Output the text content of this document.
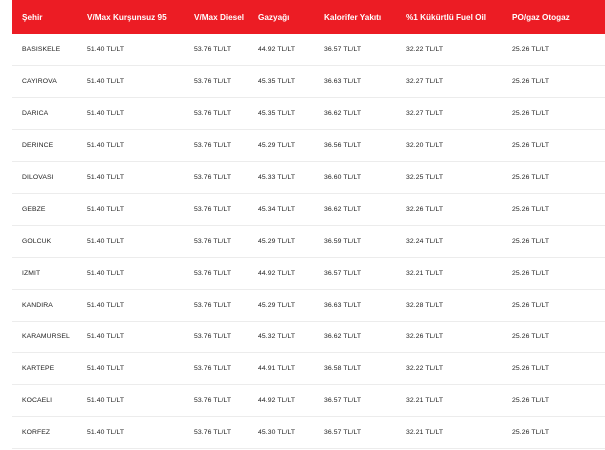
Şehir	V/Max Kurşunsuz 95	V/Max Diesel	Gazyağı	Kalorifer Yakıtı	%1 Kükürtlü Fuel Oil	PO/gaz Otogaz
BASISKELE	51.40 TL/LT	53.76 TL/LT	44.92 TL/LT	36.57 TL/LT	32.22 TL/LT	25.26 TL/LT
CAYIROVA	51.40 TL/LT	53.76 TL/LT	45.35 TL/LT	36.63 TL/LT	32.27 TL/LT	25.26 TL/LT
DARICA	51.40 TL/LT	53.76 TL/LT	45.35 TL/LT	36.62 TL/LT	32.27 TL/LT	25.26 TL/LT
DERINCE	51.40 TL/LT	53.76 TL/LT	45.29 TL/LT	36.56 TL/LT	32.20 TL/LT	25.26 TL/LT
DILOVASI	51.40 TL/LT	53.76 TL/LT	45.33 TL/LT	36.60 TL/LT	32.25 TL/LT	25.26 TL/LT
GEBZE	51.40 TL/LT	53.76 TL/LT	45.34 TL/LT	36.62 TL/LT	32.26 TL/LT	25.26 TL/LT
GOLCUK	51.40 TL/LT	53.76 TL/LT	45.29 TL/LT	36.59 TL/LT	32.24 TL/LT	25.26 TL/LT
IZMIT	51.40 TL/LT	53.76 TL/LT	44.92 TL/LT	36.57 TL/LT	32.21 TL/LT	25.26 TL/LT
KANDIRA	51.40 TL/LT	53.76 TL/LT	45.29 TL/LT	36.63 TL/LT	32.28 TL/LT	25.26 TL/LT
KARAMURSEL	51.40 TL/LT	53.76 TL/LT	45.32 TL/LT	36.62 TL/LT	32.26 TL/LT	25.26 TL/LT
KARTEPE	51.40 TL/LT	53.76 TL/LT	44.91 TL/LT	36.58 TL/LT	32.22 TL/LT	25.26 TL/LT
KOCAELI	51.40 TL/LT	53.76 TL/LT	44.92 TL/LT	36.57 TL/LT	32.21 TL/LT	25.26 TL/LT
KORFEZ	51.40 TL/LT	53.76 TL/LT	45.30 TL/LT	36.57 TL/LT	32.21 TL/LT	25.26 TL/LT
